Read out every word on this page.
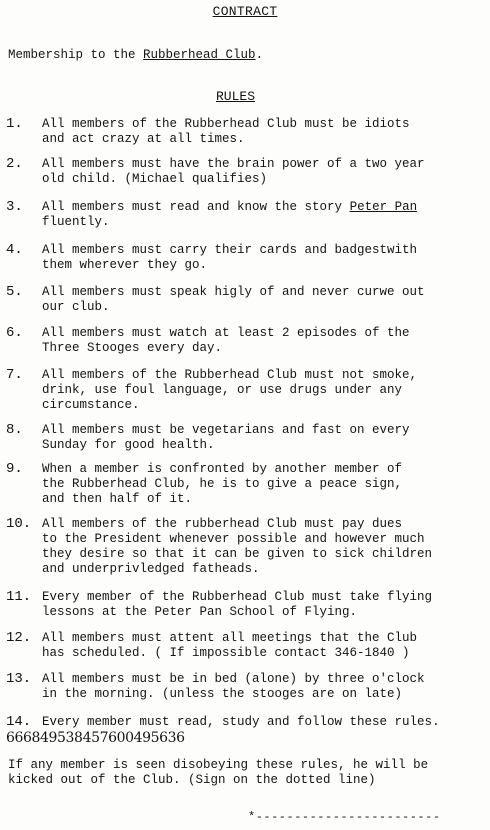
CONTRACT
Membership to the Rubberhead Club.
RULES
1. All members of the Rubberhead Club must be idiots
and act crazy at all times.
2. All members must have the brain power of a two year
old child. (Michael qualifies)
3. All members must read and know the story Peter Pan
fluently.
4. All members must carry their cards and badgestwith
them wherever they go.
5. All members must speak higly of and never curwe out
our club.
6. All members must watch at least 2 episodes of the
Three Stooges every day.
7. All members of the Rubberhead Club must not smoke,
drink, use foul language, or use drugs under any
circumstance.
8. All members must be vegetarians and fast on every
Sunday for good health.
9. When a member is confronted by another member of
the Rubberhead Club, he is to give a peace sign,
and then half of it.
10. All members of the rubberhead Club must pay dues
to the President whenever possible and however much
they desire so that it can be given to sick children
and underprivledged fatheads.
11. Every member of the Rubberhead Club must take flying
lessons at the Peter Pan School of Flying.
12. All members must attent all meetings that the Club
has scheduled. ( If impossible contact 346-1840 )
13. All members must be in bed (alone) by three o'clock
in the morning. (unless the stooges are on late)
14. Every member must read, study and follow these rules.
666849538457600495636
If any member is seen disobeying these rules, he will be
kicked out of the Club. (Sign on the dotted line)
*------------------------
